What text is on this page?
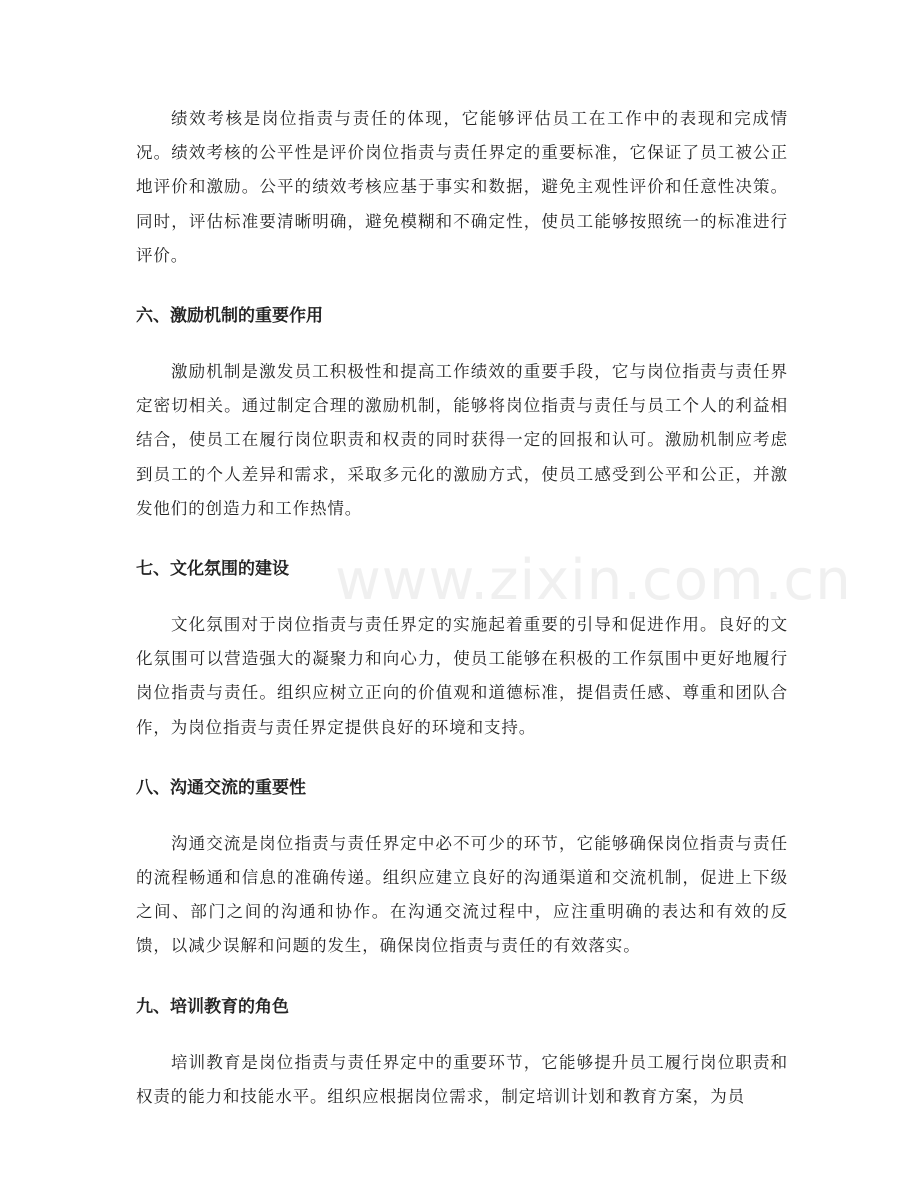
www.zixin.com.cn

绩效考核是岗位指责与责任的体现，它能够评估员工在工作中的表现和完成情况。绩效考核的公平性是评价岗位指责与责任界定的重要标准，它保证了员工被公正地评价和激励。公平的绩效考核应基于事实和数据，避免主观性评价和任意性决策。同时，评估标准要清晰明确，避免模糊和不确定性，使员工能够按照统一的标准进行评价。

六、激励机制的重要作用

激励机制是激发员工积极性和提高工作绩效的重要手段，它与岗位指责与责任界定密切相关。通过制定合理的激励机制，能够将岗位指责与责任与员工个人的利益相结合，使员工在履行岗位职责和权责的同时获得一定的回报和认可。激励机制应考虑到员工的个人差异和需求，采取多元化的激励方式，使员工感受到公平和公正，并激发他们的创造力和工作热情。

七、文化氛围的建设

文化氛围对于岗位指责与责任界定的实施起着重要的引导和促进作用。良好的文化氛围可以营造强大的凝聚力和向心力，使员工能够在积极的工作氛围中更好地履行岗位指责与责任。组织应树立正向的价值观和道德标准，提倡责任感、尊重和团队合作，为岗位指责与责任界定提供良好的环境和支持。

八、沟通交流的重要性

沟通交流是岗位指责与责任界定中必不可少的环节，它能够确保岗位指责与责任的流程畅通和信息的准确传递。组织应建立良好的沟通渠道和交流机制，促进上下级之间、部门之间的沟通和协作。在沟通交流过程中，应注重明确的表达和有效的反馈，以减少误解和问题的发生，确保岗位指责与责任的有效落实。

九、培训教育的角色

培训教育是岗位指责与责任界定中的重要环节，它能够提升员工履行岗位职责和权责的能力和技能水平。组织应根据岗位需求，制定培训计划和教育方案，为员
